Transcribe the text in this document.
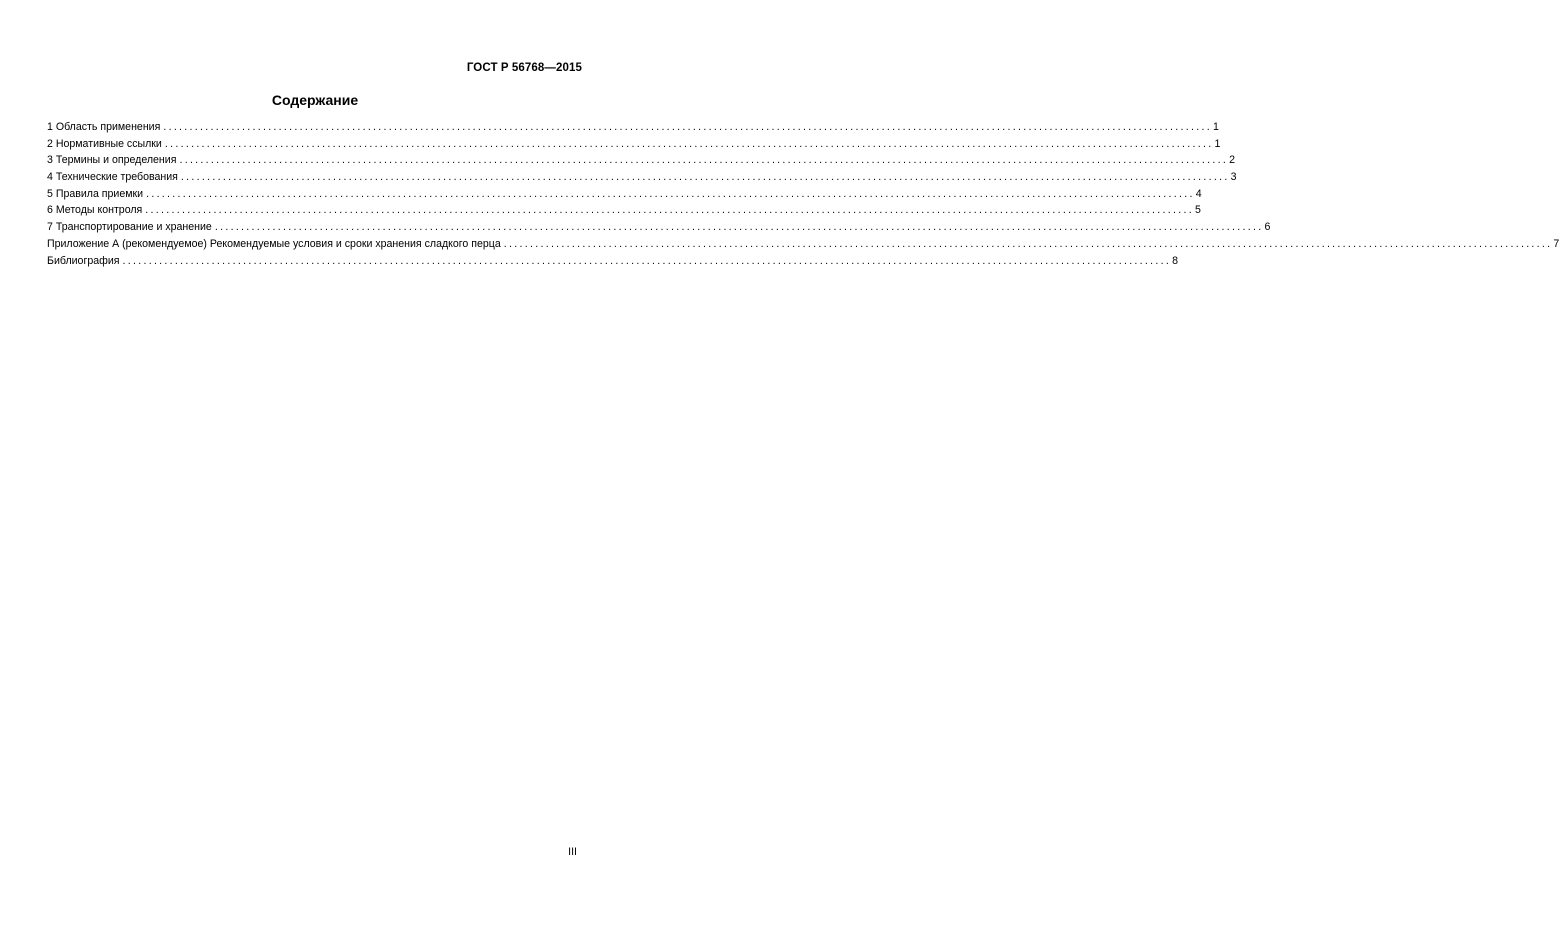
ГОСТ Р 56768—2015
Содержание
1 Область применения ........................................................................................................................................................................................................ 1
2 Нормативные ссылки ........................................................................................................................................................................................................ 1
3 Термины и определения ........................................................................................................................................................................................................ 2
4 Технические требования ........................................................................................................................................................................................................ 3
5 Правила приемки ........................................................................................................................................................................................................ 4
6 Методы контроля ........................................................................................................................................................................................................ 5
7 Транспортирование и хранение ........................................................................................................................................................................................................ 6
Приложение А (рекомендуемое) Рекомендуемые условия и сроки хранения сладкого перца ........................................................................................................................................................................................................ 7
Библиография ........................................................................................................................................................................................................ 8
III
